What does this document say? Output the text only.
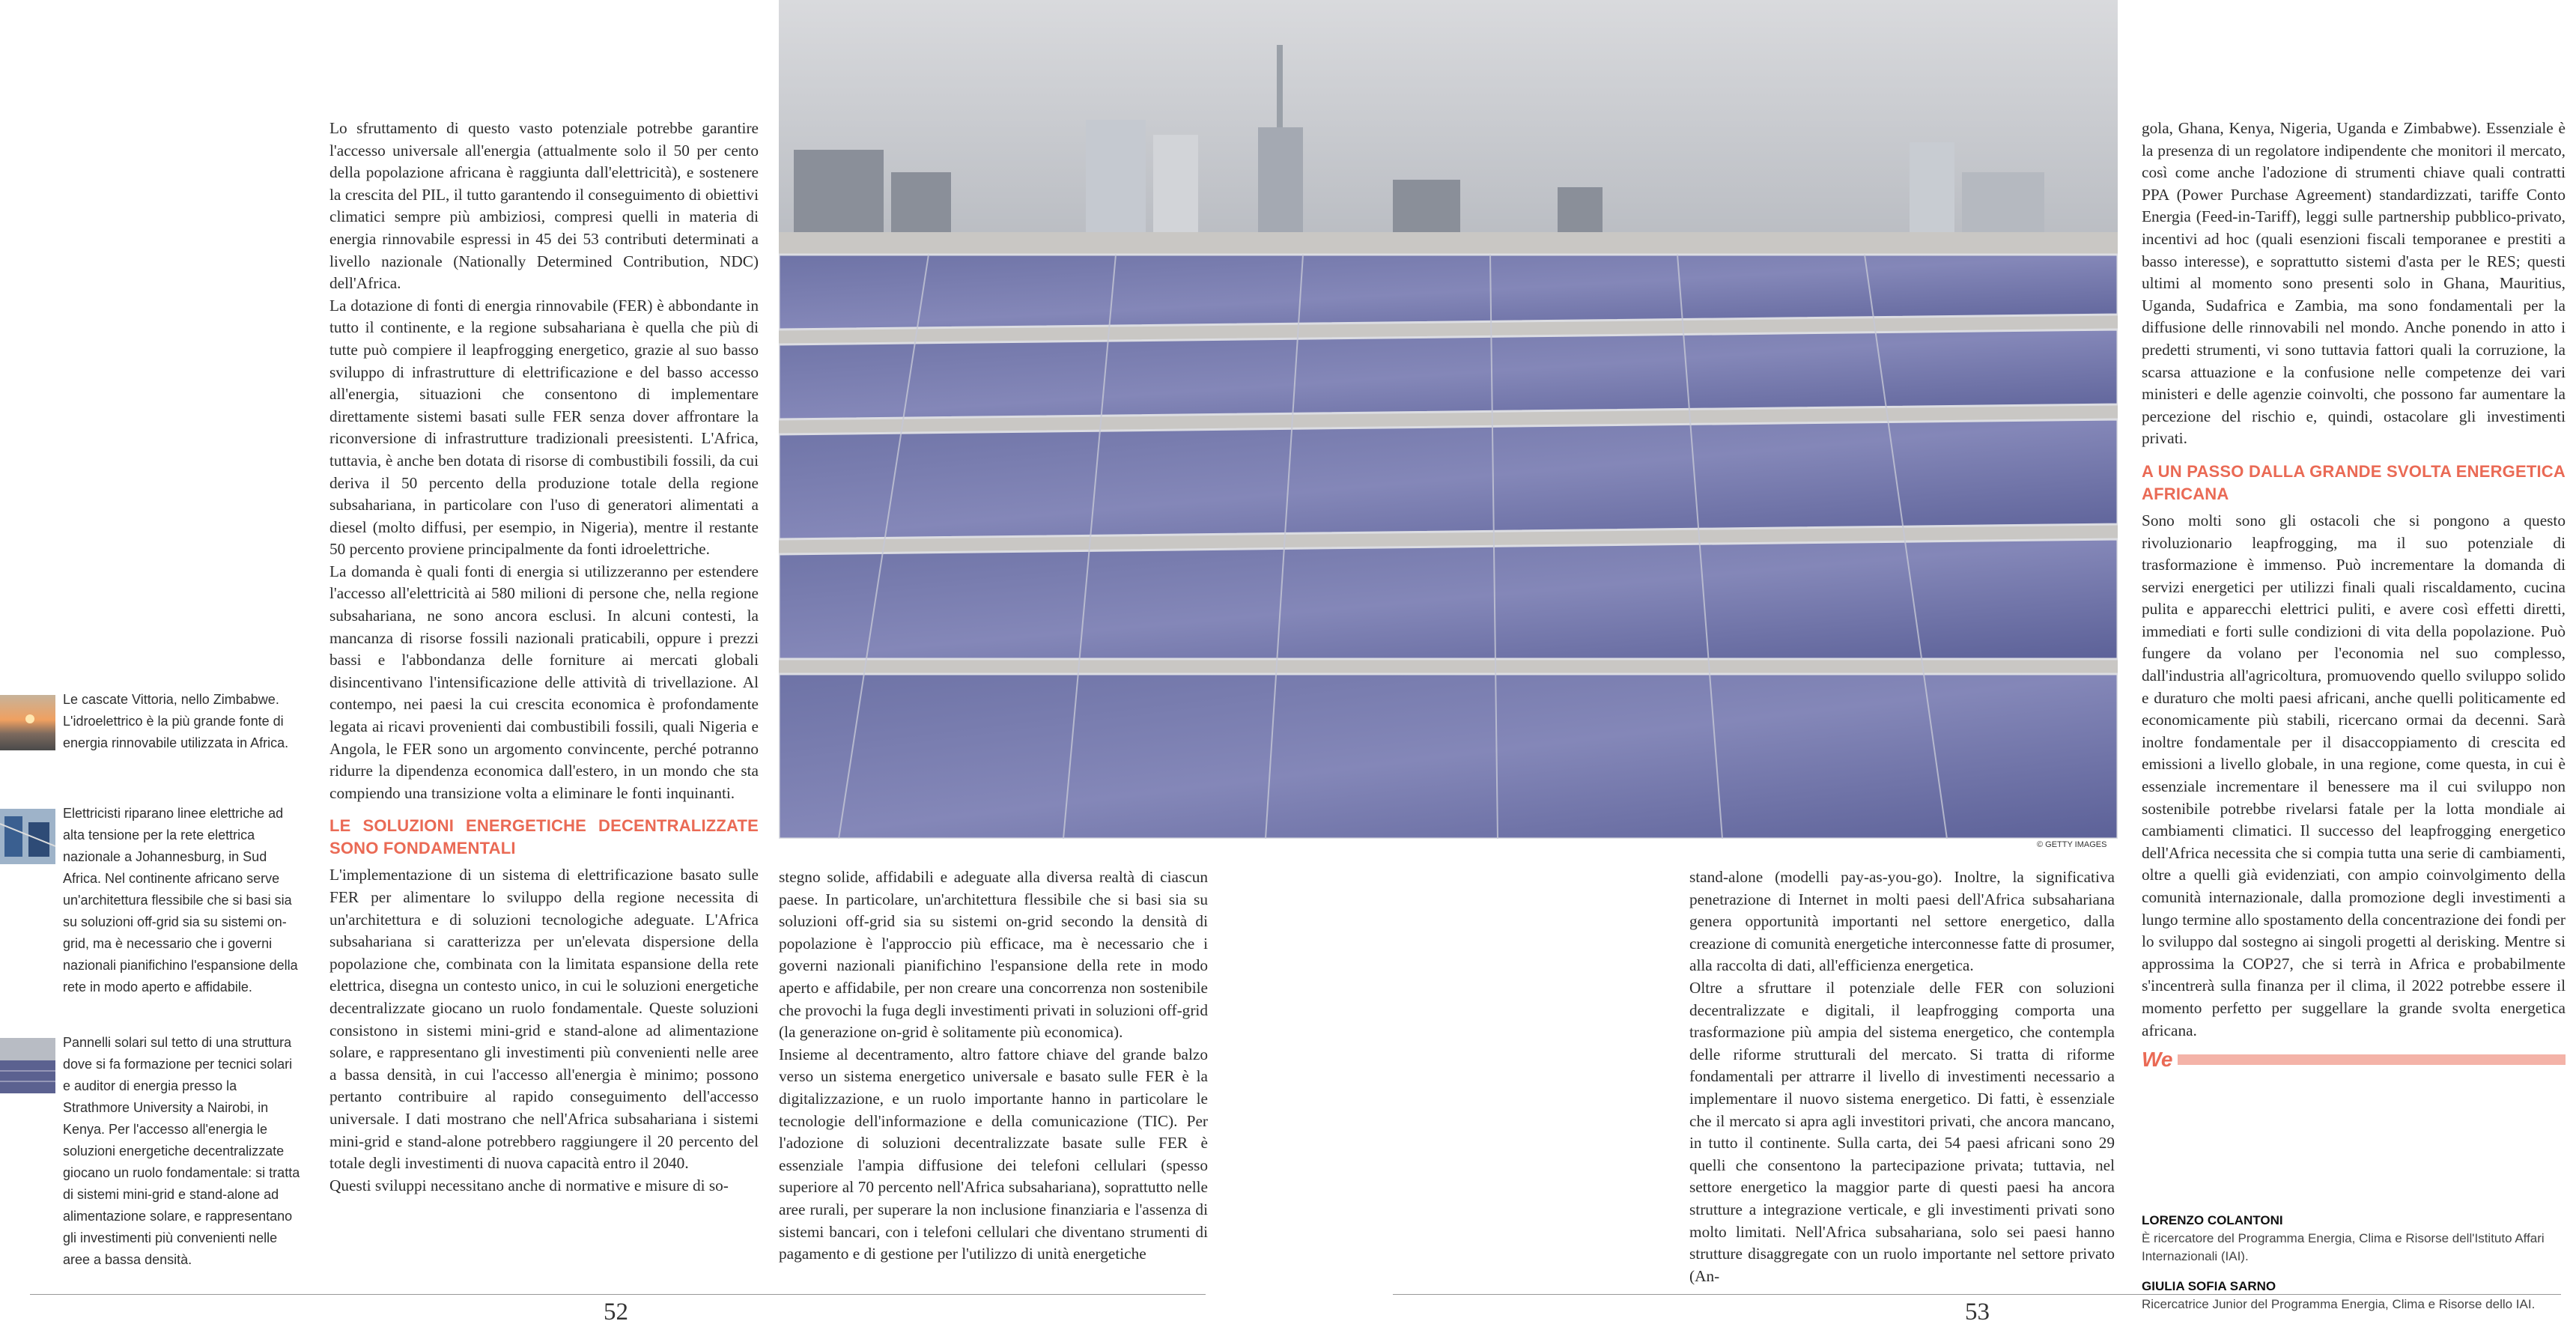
Le cascate Vittoria, nello Zimbabwe. L'idroelettrico è la più grande fonte di energia rinnovabile utilizzata in Africa.
Elettricisti riparano linee elettriche ad alta tensione per la rete elettrica nazionale a Johannesburg, in Sud Africa. Nel continente africano serve un'architettura flessibile che si basi sia su soluzioni off-grid sia su sistemi on-grid, ma è necessario che i governi nazionali pianifichino l'espansione della rete in modo aperto e affidabile.
Pannelli solari sul tetto di una struttura dove si fa formazione per tecnici solari e auditor di energia presso la Strathmore University a Nairobi, in Kenya. Per l'accesso all'energia le soluzioni energetiche decentralizzate giocano un ruolo fondamentale: si tratta di sistemi mini-grid e stand-alone ad alimentazione solare, e rappresentano gli investimenti più convenienti nelle aree a bassa densità.

Lo sfruttamento di questo vasto potenziale potrebbe garantire l'accesso universale all'energia (attualmente solo il 50 per cento della popolazione africana è raggiunta dall'elettricità), e sostenere la crescita del PIL, il tutto garantendo il conseguimento di obiettivi climatici sempre più ambiziosi, compresi quelli in materia di energia rinnovabile espressi in 45 dei 53 contributi determinati a livello nazionale (Nationally Determined Contribution, NDC) dell'Africa.

La dotazione di fonti di energia rinnovabile (FER) è abbondante in tutto il continente, e la regione subsahariana è quella che più di tutte può compiere il leapfrogging energetico, grazie al suo basso sviluppo di infrastrutture di elettrificazione e del basso accesso all'energia, situazioni che consentono di implementare direttamente sistemi basati sulle FER senza dover affrontare la riconversione di infrastrutture tradizionali preesistenti. L'Africa, tuttavia, è anche ben dotata di risorse di combustibili fossili, da cui deriva il 50 percento della produzione totale della regione subsahariana, in particolare con l'uso di generatori alimentati a diesel (molto diffusi, per esempio, in Nigeria), mentre il restante 50 percento proviene principalmente da fonti idroelettriche.

La domanda è quali fonti di energia si utilizzeranno per estendere l'accesso all'elettricità ai 580 milioni di persone che, nella regione subsahariana, ne sono ancora esclusi. In alcuni contesti, la mancanza di risorse fossili nazionali praticabili, oppure i prezzi bassi e l'abbondanza delle forniture ai mercati globali disincentivano l'intensificazione delle attività di trivellazione. Al contempo, nei paesi la cui crescita economica è profondamente legata ai ricavi provenienti dai combustibili fossili, quali Nigeria e Angola, le FER sono un argomento convincente, perché potranno ridurre la dipendenza economica dall'estero, in un mondo che sta compiendo una transizione volta a eliminare le fonti inquinanti.

LE SOLUZIONI ENERGETICHE DECENTRALIZZATE SONO FONDAMENTALI

L'implementazione di un sistema di elettrificazione basato sulle FER per alimentare lo sviluppo della regione necessita di un'architettura e di soluzioni tecnologiche adeguate. L'Africa subsahariana si caratterizza per un'elevata dispersione della popolazione che, combinata con la limitata espansione della rete elettrica, disegna un contesto unico, in cui le soluzioni energetiche decentralizzate giocano un ruolo fondamentale. Queste soluzioni consistono in sistemi mini-grid e stand-alone ad alimentazione solare, e rappresentano gli investimenti più convenienti nelle aree a bassa densità, in cui l'accesso all'energia è minimo; possono pertanto contribuire al rapido conseguimento dell'accesso universale. I dati mostrano che nell'Africa subsahariana i sistemi mini-grid e stand-alone potrebbero raggiungere il 20 percento del totale degli investimenti di nuova capacità entro il 2040.

Questi sviluppi necessitano anche di normative e misure di so-

© GETTY IMAGES

stegno solide, affidabili e adeguate alla diversa realtà di ciascun paese. In particolare, un'architettura flessibile che si basi sia su soluzioni off-grid sia su sistemi on-grid secondo la densità di popolazione è l'approccio più efficace, ma è necessario che i governi nazionali pianifichino l'espansione della rete in modo aperto e affidabile, per non creare una concorrenza non sostenibile che provochi la fuga degli investimenti privati in soluzioni off-grid (la generazione on-grid è solitamente più economica).

Insieme al decentramento, altro fattore chiave del grande balzo verso un sistema energetico universale e basato sulle FER è la digitalizzazione, e un ruolo importante hanno in particolare le tecnologie dell'informazione e della comunicazione (TIC). Per l'adozione di soluzioni decentralizzate basate sulle FER è essenziale l'ampia diffusione dei telefoni cellulari (spesso superiore al 70 percento nell'Africa subsahariana), soprattutto nelle aree rurali, per superare la non inclusione finanziaria e l'assenza di sistemi bancari, con i telefoni cellulari che diventano strumenti di pagamento e di gestione per l'utilizzo di unità energetiche

stand-alone (modelli pay-as-you-go). Inoltre, la significativa penetrazione di Internet in molti paesi dell'Africa subsahariana genera opportunità importanti nel settore energetico, dalla creazione di comunità energetiche interconnesse fatte di prosumer, alla raccolta di dati, all'efficienza energetica.

Oltre a sfruttare il potenziale delle FER con soluzioni decentralizzate e digitali, il leapfrogging comporta una trasformazione più ampia del sistema energetico, che contempla delle riforme strutturali del mercato. Si tratta di riforme fondamentali per attrarre il livello di investimenti necessario a implementare il nuovo sistema energetico. Di fatti, è essenziale che il mercato si apra agli investitori privati, che ancora mancano, in tutto il continente. Sulla carta, dei 54 paesi africani sono 29 quelli che consentono la partecipazione privata; tuttavia, nel settore energetico la maggior parte di questi paesi ha ancora strutture a integrazione verticale, e gli investimenti privati sono molto limitati. Nell'Africa subsahariana, solo sei paesi hanno strutture disaggregate con un ruolo importante nel settore privato (An-

gola, Ghana, Kenya, Nigeria, Uganda e Zimbabwe). Essenziale è la presenza di un regolatore indipendente che monitori il mercato, così come anche l'adozione di strumenti chiave quali contratti PPA (Power Purchase Agreement) standardizzati, tariffe Conto Energia (Feed-in-Tariff), leggi sulle partnership pubblico-privato, incentivi ad hoc (quali esenzioni fiscali temporanee e prestiti a basso interesse), e soprattutto sistemi d'asta per le RES; questi ultimi al momento sono presenti solo in Ghana, Mauritius, Uganda, Sudafrica e Zambia, ma sono fondamentali per la diffusione delle rinnovabili nel mondo. Anche ponendo in atto i predetti strumenti, vi sono tuttavia fattori quali la corruzione, la scarsa attuazione e la confusione nelle competenze dei vari ministeri e delle agenzie coinvolti, che possono far aumentare la percezione del rischio e, quindi, ostacolare gli investimenti privati.

A UN PASSO DALLA GRANDE SVOLTA ENERGETICA AFRICANA

Sono molti sono gli ostacoli che si pongono a questo rivoluzionario leapfrogging, ma il suo potenziale di trasformazione è immenso. Può incrementare la domanda di servizi energetici per utilizzi finali quali riscaldamento, cucina pulita e apparecchi elettrici puliti, e avere così effetti diretti, immediati e forti sulle condizioni di vita della popolazione. Può fungere da volano per l'economia nel suo complesso, dall'industria all'agricoltura, promuovendo quello sviluppo solido e duraturo che molti paesi africani, anche quelli politicamente ed economicamente più stabili, ricercano ormai da decenni. Sarà inoltre fondamentale per il disaccoppiamento di crescita ed emissioni a livello globale, in una regione, come questa, in cui è essenziale incrementare il benessere ma il cui sviluppo non sostenibile potrebbe rivelarsi fatale per la lotta mondiale ai cambiamenti climatici. Il successo del leapfrogging energetico dell'Africa necessita che si compia tutta una serie di cambiamenti, oltre a quelli già evidenziati, con ampio coinvolgimento della comunità internazionale, dalla promozione degli investimenti a lungo termine allo spostamento della concentrazione dei fondi per lo sviluppo dal sostegno ai singoli progetti al derisking. Mentre si approssima la COP27, che si terrà in Africa e probabilmente s'incentrerà sulla finanza per il clima, il 2022 potrebbe essere il momento perfetto per suggellare la grande svolta energetica africana.

We
LORENZO COLANTONI
È ricercatore del Programma Energia, Clima e Risorse dell'Istituto Affari Internazionali (IAI).
GIULIA SOFIA SARNO
Ricercatrice Junior del Programma Energia, Clima e Risorse dello IAI.
52	53
